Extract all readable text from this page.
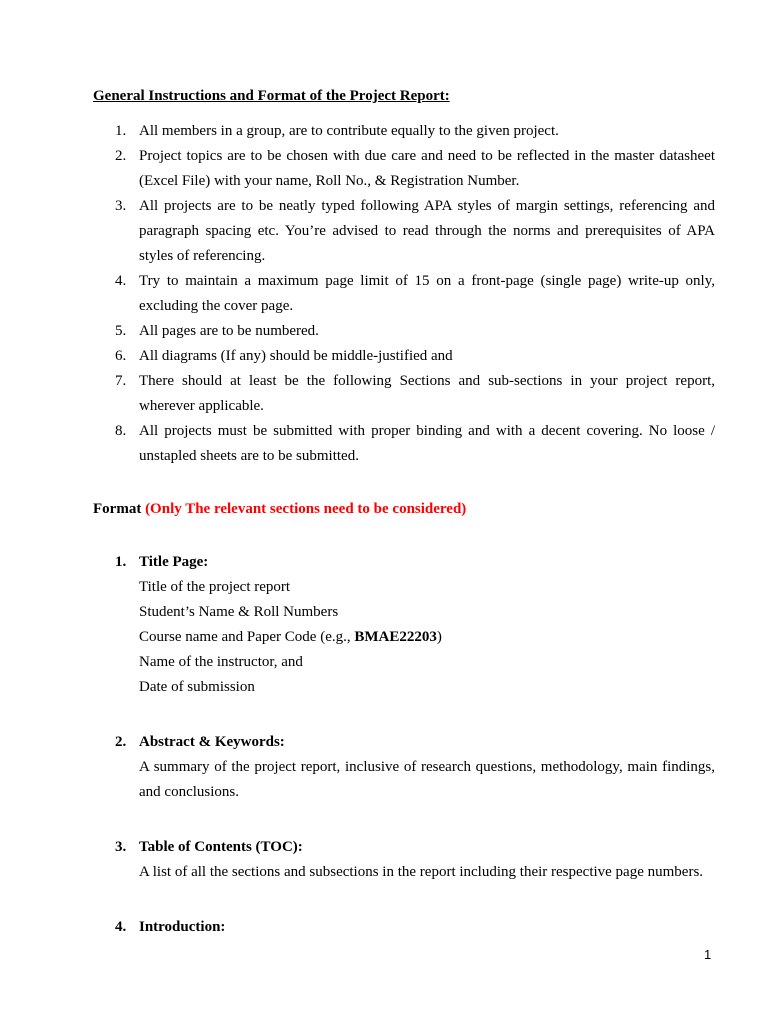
General Instructions and Format of the Project Report:
1. All members in a group, are to contribute equally to the given project.
2. Project topics are to be chosen with due care and need to be reflected in the master datasheet (Excel File) with your name, Roll No., & Registration Number.
3. All projects are to be neatly typed following APA styles of margin settings, referencing and paragraph spacing etc. You’re advised to read through the norms and prerequisites of APA styles of referencing.
4. Try to maintain a maximum page limit of 15 on a front-page (single page) write-up only, excluding the cover page.
5. All pages are to be numbered.
6. All diagrams (If any) should be middle-justified and
7. There should at least be the following Sections and sub-sections in your project report, wherever applicable.
8. All projects must be submitted with proper binding and with a decent covering. No loose / unstapled sheets are to be submitted.
Format (Only The relevant sections need to be considered)
1. Title Page:
Title of the project report
Student’s Name & Roll Numbers
Course name and Paper Code (e.g., BMAE22203)
Name of the instructor, and
Date of submission
2. Abstract & Keywords:
A summary of the project report, inclusive of research questions, methodology, main findings, and conclusions.
3. Table of Contents (TOC):
A list of all the sections and subsections in the report including their respective page numbers.
4. Introduction:
1
